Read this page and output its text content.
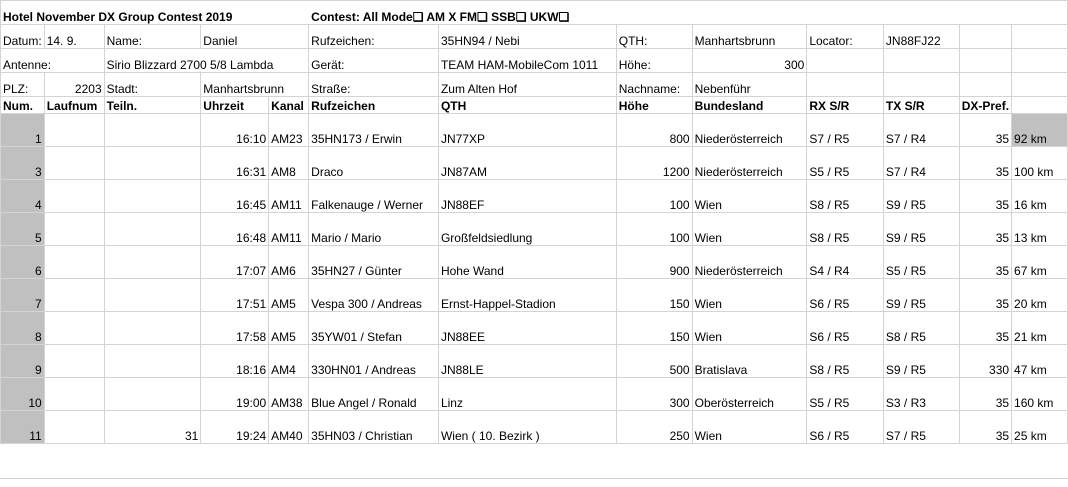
Hotel November DX Group Contest 2019					Contest: All Mode❏ AM X FM❏ SSB❏ UKW❏							
Datum:	14. 9.	Name:	Daniel		Rufzeichen:	35HN94 / Nebi	QTH:	Manhartsbrunn	Locator:	JN88FJ22		
Antenne:		Sirio Blizzard 2700 5/8 Lambda			Gerät:	TEAM HAM-MobileCom 1011	Höhe:	300				
PLZ:	2203	Stadt:	Manhartsbrunn		Straße:	Zum Alten Hof	Nachname:	Nebenführ				
Num.	Laufnum	Teiln.	Uhrzeit	Kanal	Rufzeichen	QTH	Höhe	Bundesland	RX S/R	TX S/R	DX-Pref.	
1			16:10	AM23	35HN173 / Erwin	JN77XP	800	Niederösterreich	S7 / R5	S7 / R4	35	92 km
3			16:31	AM8	Draco	JN87AM	1200	Niederösterreich	S5 / R5	S7 / R4	35	100 km
4			16:45	AM11	Falkenauge / Werner	JN88EF	100	Wien	S8 / R5	S9 / R5	35	16 km
5			16:48	AM11	Mario / Mario	Großfeldsiedlung	100	Wien	S8 / R5	S9 / R5	35	13 km
6			17:07	AM6	35HN27 / Günter	Hohe Wand	900	Niederösterreich	S4 / R4	S5 / R5	35	67 km
7			17:51	AM5	Vespa 300 / Andreas	Ernst-Happel-Stadion	150	Wien	S6 / R5	S9 / R5	35	20 km
8			17:58	AM5	35YW01 / Stefan	JN88EE	150	Wien	S6 / R5	S8 / R5	35	21 km
9			18:16	AM4	330HN01 / Andreas	JN88LE	500	Bratislava	S8 / R5	S9 / R5	330	47 km
10			19:00	AM38	Blue Angel / Ronald	Linz	300	Oberösterreich	S5 / R5	S3 / R3	35	160 km
11		31	19:24	AM40	35HN03 / Christian	Wien ( 10. Bezirk )	250	Wien	S6 / R5	S7 / R5	35	25 km
